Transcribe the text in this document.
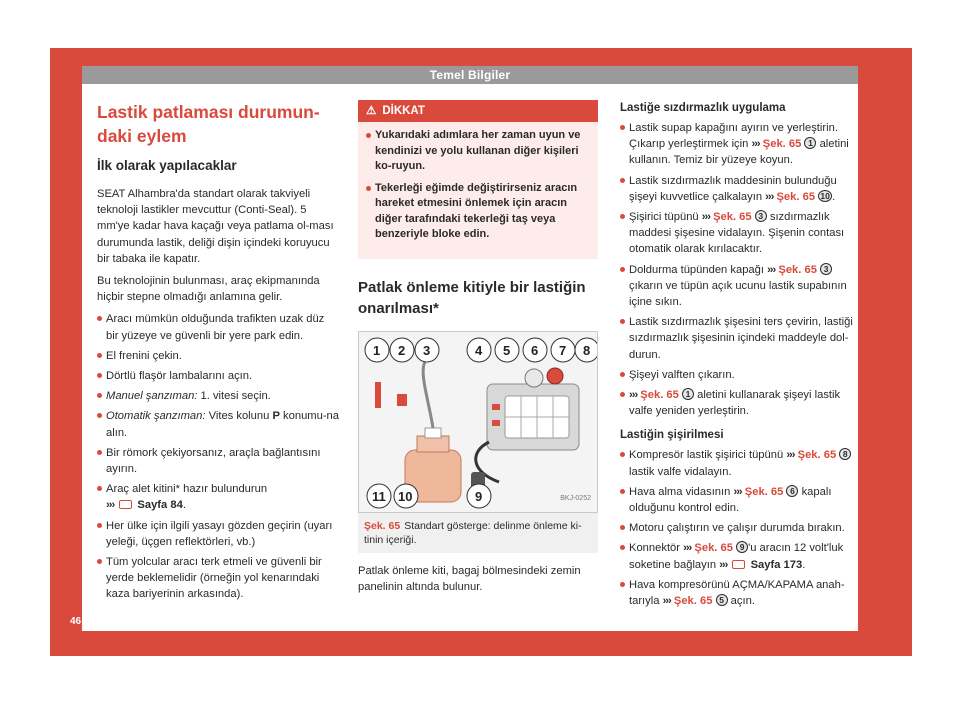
Temel Bilgiler
Lastik patlaması durumun-
daki eylem
İlk olarak yapılacaklar

SEAT Alhambra'da standart olarak takviyeli teknoloji lastikler mevcuttur (Conti-Seal). 5 mm'ye kadar hava kaçağı veya patlama ol-ması durumunda lastik, deliği dişin içindeki koruyucu bir tabaka ile kapatır.

Bu teknolojinin bulunması, araç ekipmanında hiçbir stepne olmadığı anlamına gelir.

Aracı mümkün olduğunda trafikten uzak düz bir yüzeye ve güvenli bir yere park edin.
El frenini çekin.
Dörtlü flaşör lambalarını açın.
Manuel şanzıman: 1. vitesi seçin.
Otomatik şanzıman: Vites kolunu P konumu-na alın.
Bir römork çekiyorsanız, araçla bağlantısını ayırın.
Araç alet kitini* hazır bulundurun
››› Sayfa 84.
Her ülke için ilgili yasayı gözden geçirin (uyarı yeleği, üçgen reflektörleri, vb.)
Tüm yolcular aracı terk etmeli ve güvenli bir yerde beklemelidir (örneğin yol kenarındaki kaza bariyerinin arkasında).
⚠ DİKKAT
Yukarıdaki adımlara her zaman uyun ve kendinizi ve yolu kullanan diğer kişileri ko-ruyun.
Tekerleği eğimde değiştirirseniz aracın hareket etmesini önlemek için aracın diğer tarafındaki tekerleği taş veya benzeriyle bloke edin.
Patlak önleme kitiyle bir lastiğin onarılması*
1 2 3	4 5 6 7 8
9
10
11	BKJ-0252
Şek. 65 Standart gösterge: delinme önleme ki-tinin içeriği.

Patlak önleme kiti, bagaj bölmesindeki zemin panelinin altında bulunur.

Lastiğe sızdırmazlık uygulama
Lastik supap kapağını ayırın ve yerleştirin. Çıkarıp yerleştirmek için ››› Şek. 65 1 aletini kullanın. Temiz bir yüzeye koyun.
Lastik sızdırmazlık maddesinin bulunduğu şişeyi kuvvetlice çalkalayın ››› Şek. 65 10 .
Şişirici tüpünü ››› Şek. 65 3 sızdırmazlık maddesi şişesine vidalayın. Şişenin contası otomatik olarak kırılacaktır.
Doldurma tüpünden kapağı ››› Şek. 65 3 çıkarın ve tüpün açık ucunu lastik supabının içine sıkın.
Lastik sızdırmazlık şişesini ters çevirin, lastiği sızdırmazlık şişesinin içindeki maddeyle dol-durun.
Şişeyi valften çıkarın.
››› Şek. 65 1 aletini kullanarak şişeyi lastik valfe yeniden yerleştirin.
Lastiğin şişirilmesi
Kompresör lastik şişirici tüpünü ››› Şek. 65 8 lastik valfe vidalayın.
Hava alma vidasının ››› Şek. 65 6 kapalı olduğunu kontrol edin.
Motoru çalıştırın ve çalışır durumda bırakın.
Konnektör ››› Şek. 65 9 'u aracın 12 volt'luk soketine bağlayın ››› Sayfa 173.
Hava kompresörünü AÇMA/KAPAMA anah-tarıyla ››› Şek. 65 5 açın.
46
